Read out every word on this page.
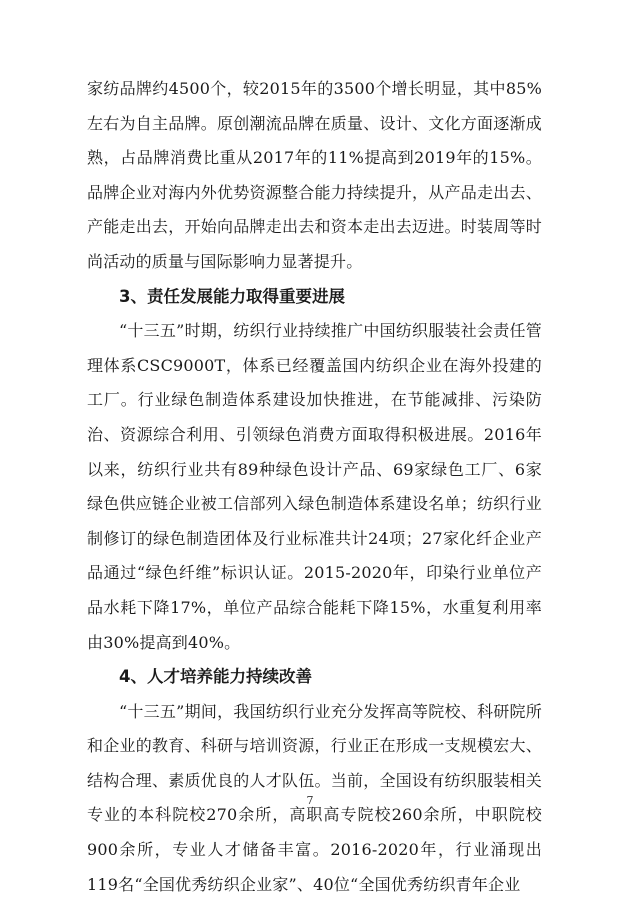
家纺品牌约4500个，较2015年的3500个增长明显，其中85%左右为自主品牌。原创潮流品牌在质量、设计、文化方面逐渐成熟，占品牌消费比重从2017年的11%提高到2019年的15%。品牌企业对海内外优势资源整合能力持续提升，从产品走出去、产能走出去，开始向品牌走出去和资本走出去迈进。时装周等时尚活动的质量与国际影响力显著提升。

3、责任发展能力取得重要进展

“十三五”时期，纺织行业持续推广中国纺织服装社会责任管理体系CSC9000T，体系已经覆盖国内纺织企业在海外投建的工厂。行业绿色制造体系建设加快推进，在节能减排、污染防治、资源综合利用、引领绿色消费方面取得积极进展。2016年以来，纺织行业共有89种绿色设计产品、69家绿色工厂、6家绿色供应链企业被工信部列入绿色制造体系建设名单；纺织行业制修订的绿色制造团体及行业标准共计24项；27家化纤企业产品通过“绿色纤维”标识认证。2015-2020年，印染行业单位产品水耗下降17%，单位产品综合能耗下降15%，水重复利用率由30%提高到40%。

4、人才培养能力持续改善

“十三五”期间，我国纺织行业充分发挥高等院校、科研院所和企业的教育、科研与培训资源，行业正在形成一支规模宏大、结构合理、素质优良的人才队伍。当前，全国设有纺织服装相关专业的本科院校270余所，高职高专院校260余所，中职院校900余所，专业人才储备丰富。2016-2020年，行业涌现出119名“全国优秀纺织企业家”、40位“全国优秀纺织青年企业

7
